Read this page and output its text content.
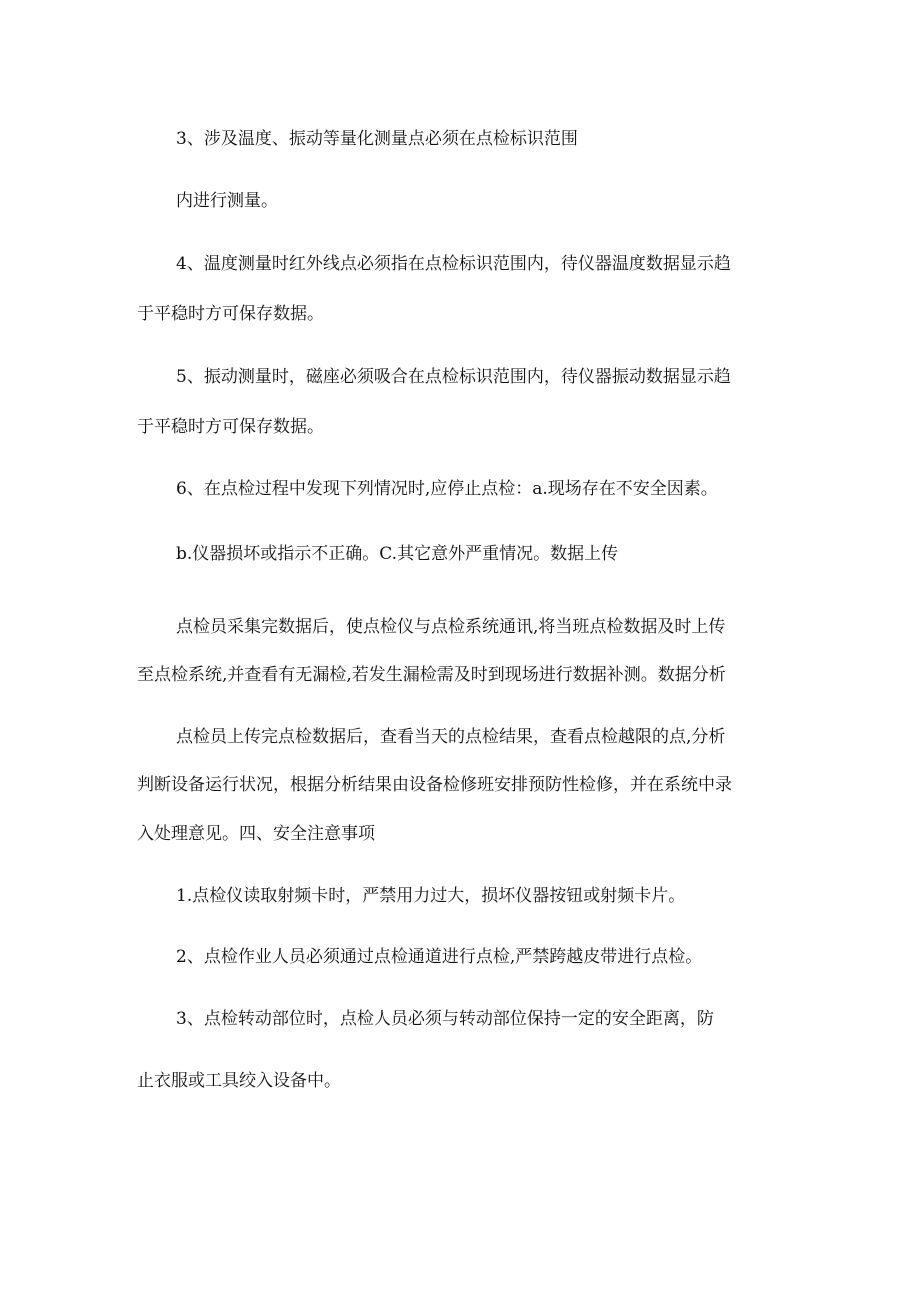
3、涉及温度、振动等量化测量点必须在点检标识范围

内进行测量。

4、温度测量时红外线点必须指在点检标识范围内，待仪器温度数据显示趋

于平稳时方可保存数据。

5、振动测量时，磁座必须吸合在点检标识范围内，待仪器振动数据显示趋

于平稳时方可保存数据。

6、在点检过程中发现下列情况时,应停止点检：a.现场存在不安全因素。

b.仪器损坏或指示不正确。C.其它意外严重情况。数据上传

点检员采集完数据后，使点检仪与点检系统通讯,将当班点检数据及时上传

至点检系统,并查看有无漏检,若发生漏检需及时到现场进行数据补测。数据分析

点检员上传完点检数据后，查看当天的点检结果，查看点检越限的点,分析

判断设备运行状况，根据分析结果由设备检修班安排预防性检修，并在系统中录

入处理意见。四、安全注意事项

1.点检仪读取射频卡时，严禁用力过大，损坏仪器按钮或射频卡片。

2、点检作业人员必须通过点检通道进行点检,严禁跨越皮带进行点检。

3、点检转动部位时，点检人员必须与转动部位保持一定的安全距离，防

止衣服或工具绞入设备中。
